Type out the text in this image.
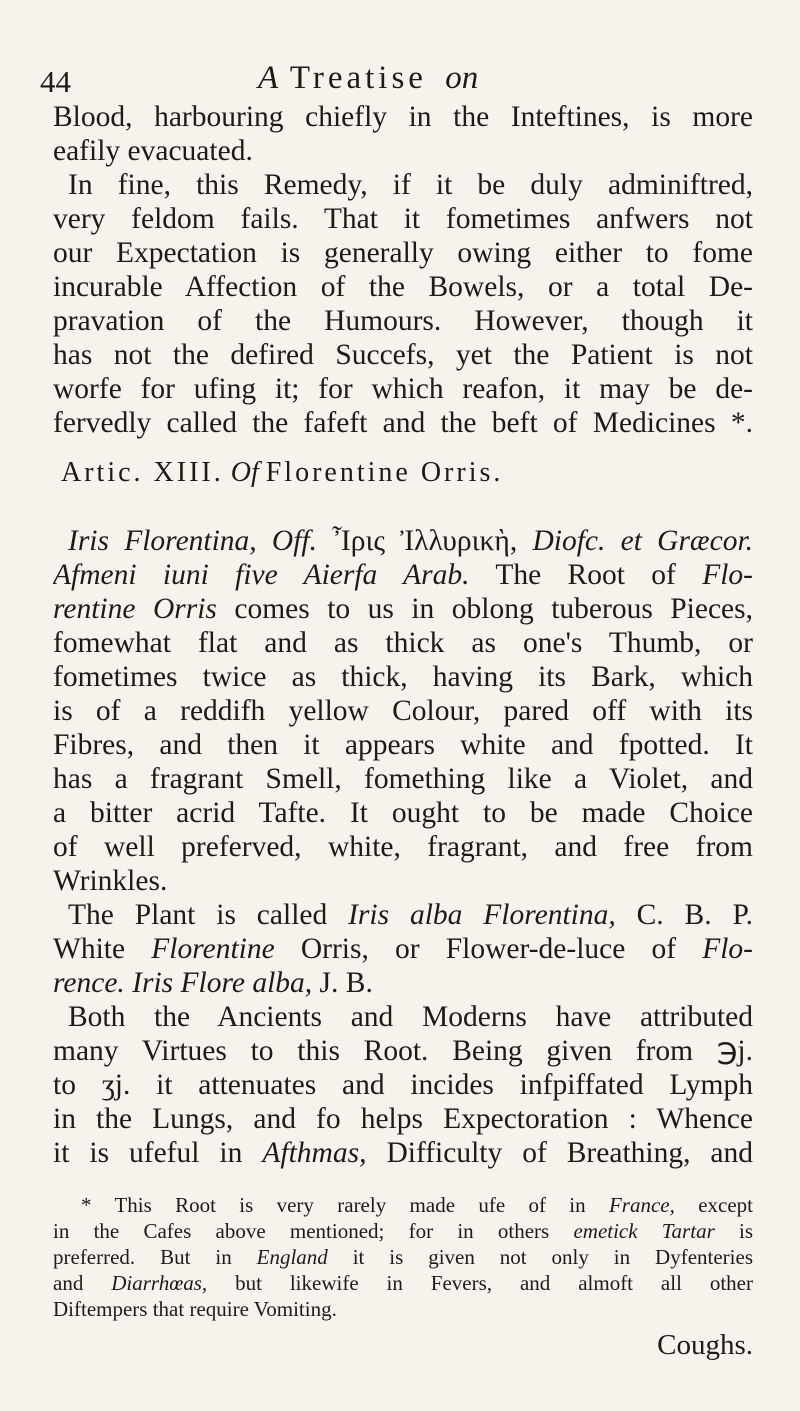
44	A Treatise on
Blood, harbouring chiefly in the Inteftines, is more
eafily evacuated.
In fine, this Remedy, if it be duly adminiftred,
very feldom fails. That it fometimes anfwers not
our Expectation is generally owing either to fome
incurable Affection of the Bowels, or a total De-
pravation of the Humours. However, though it
has not the defired Succefs, yet the Patient is not
worfe for ufing it; for which reafon, it may be de-
fervedly called the fafeft and the beft of Medicines *.
Artic. XIII. Of Florentine Orris.
Iris Florentina, Off. Ἶρις Ἰλλυρικὴ, Diofc. et Græcor.
Afmeni iuni five Aierfa Arab. The Root of Flo-
rentine Orris comes to us in oblong tuberous Pieces,
fomewhat flat and as thick as one's Thumb, or
fometimes twice as thick, having its Bark, which
is of a reddifh yellow Colour, pared off with its
Fibres, and then it appears white and fpotted. It
has a fragrant Smell, fomething like a Violet, and
a bitter acrid Tafte. It ought to be made Choice
of well preferved, white, fragrant, and free from
Wrinkles.
The Plant is called Iris alba Florentina, C. B. P.
White Florentine Orris, or Flower-de-luce of Flo-
rence. Iris Flore alba, J. B.
Both the Ancients and Moderns have attributed
many Virtues to this Root. Being given from ℈j.
to ʒj. it attenuates and incides infpiffated Lymph
in the Lungs, and fo helps Expectoration : Whence
it is ufeful in Afthmas, Difficulty of Breathing, and
* This Root is very rarely made ufe of in France, except
in the Cafes above mentioned; for in others emetick Tartar is
preferred. But in England it is given not only in Dyfenteries
and Diarrhœas, but likewife in Fevers, and almoft all other
Diftempers that require Vomiting.
Coughs.
